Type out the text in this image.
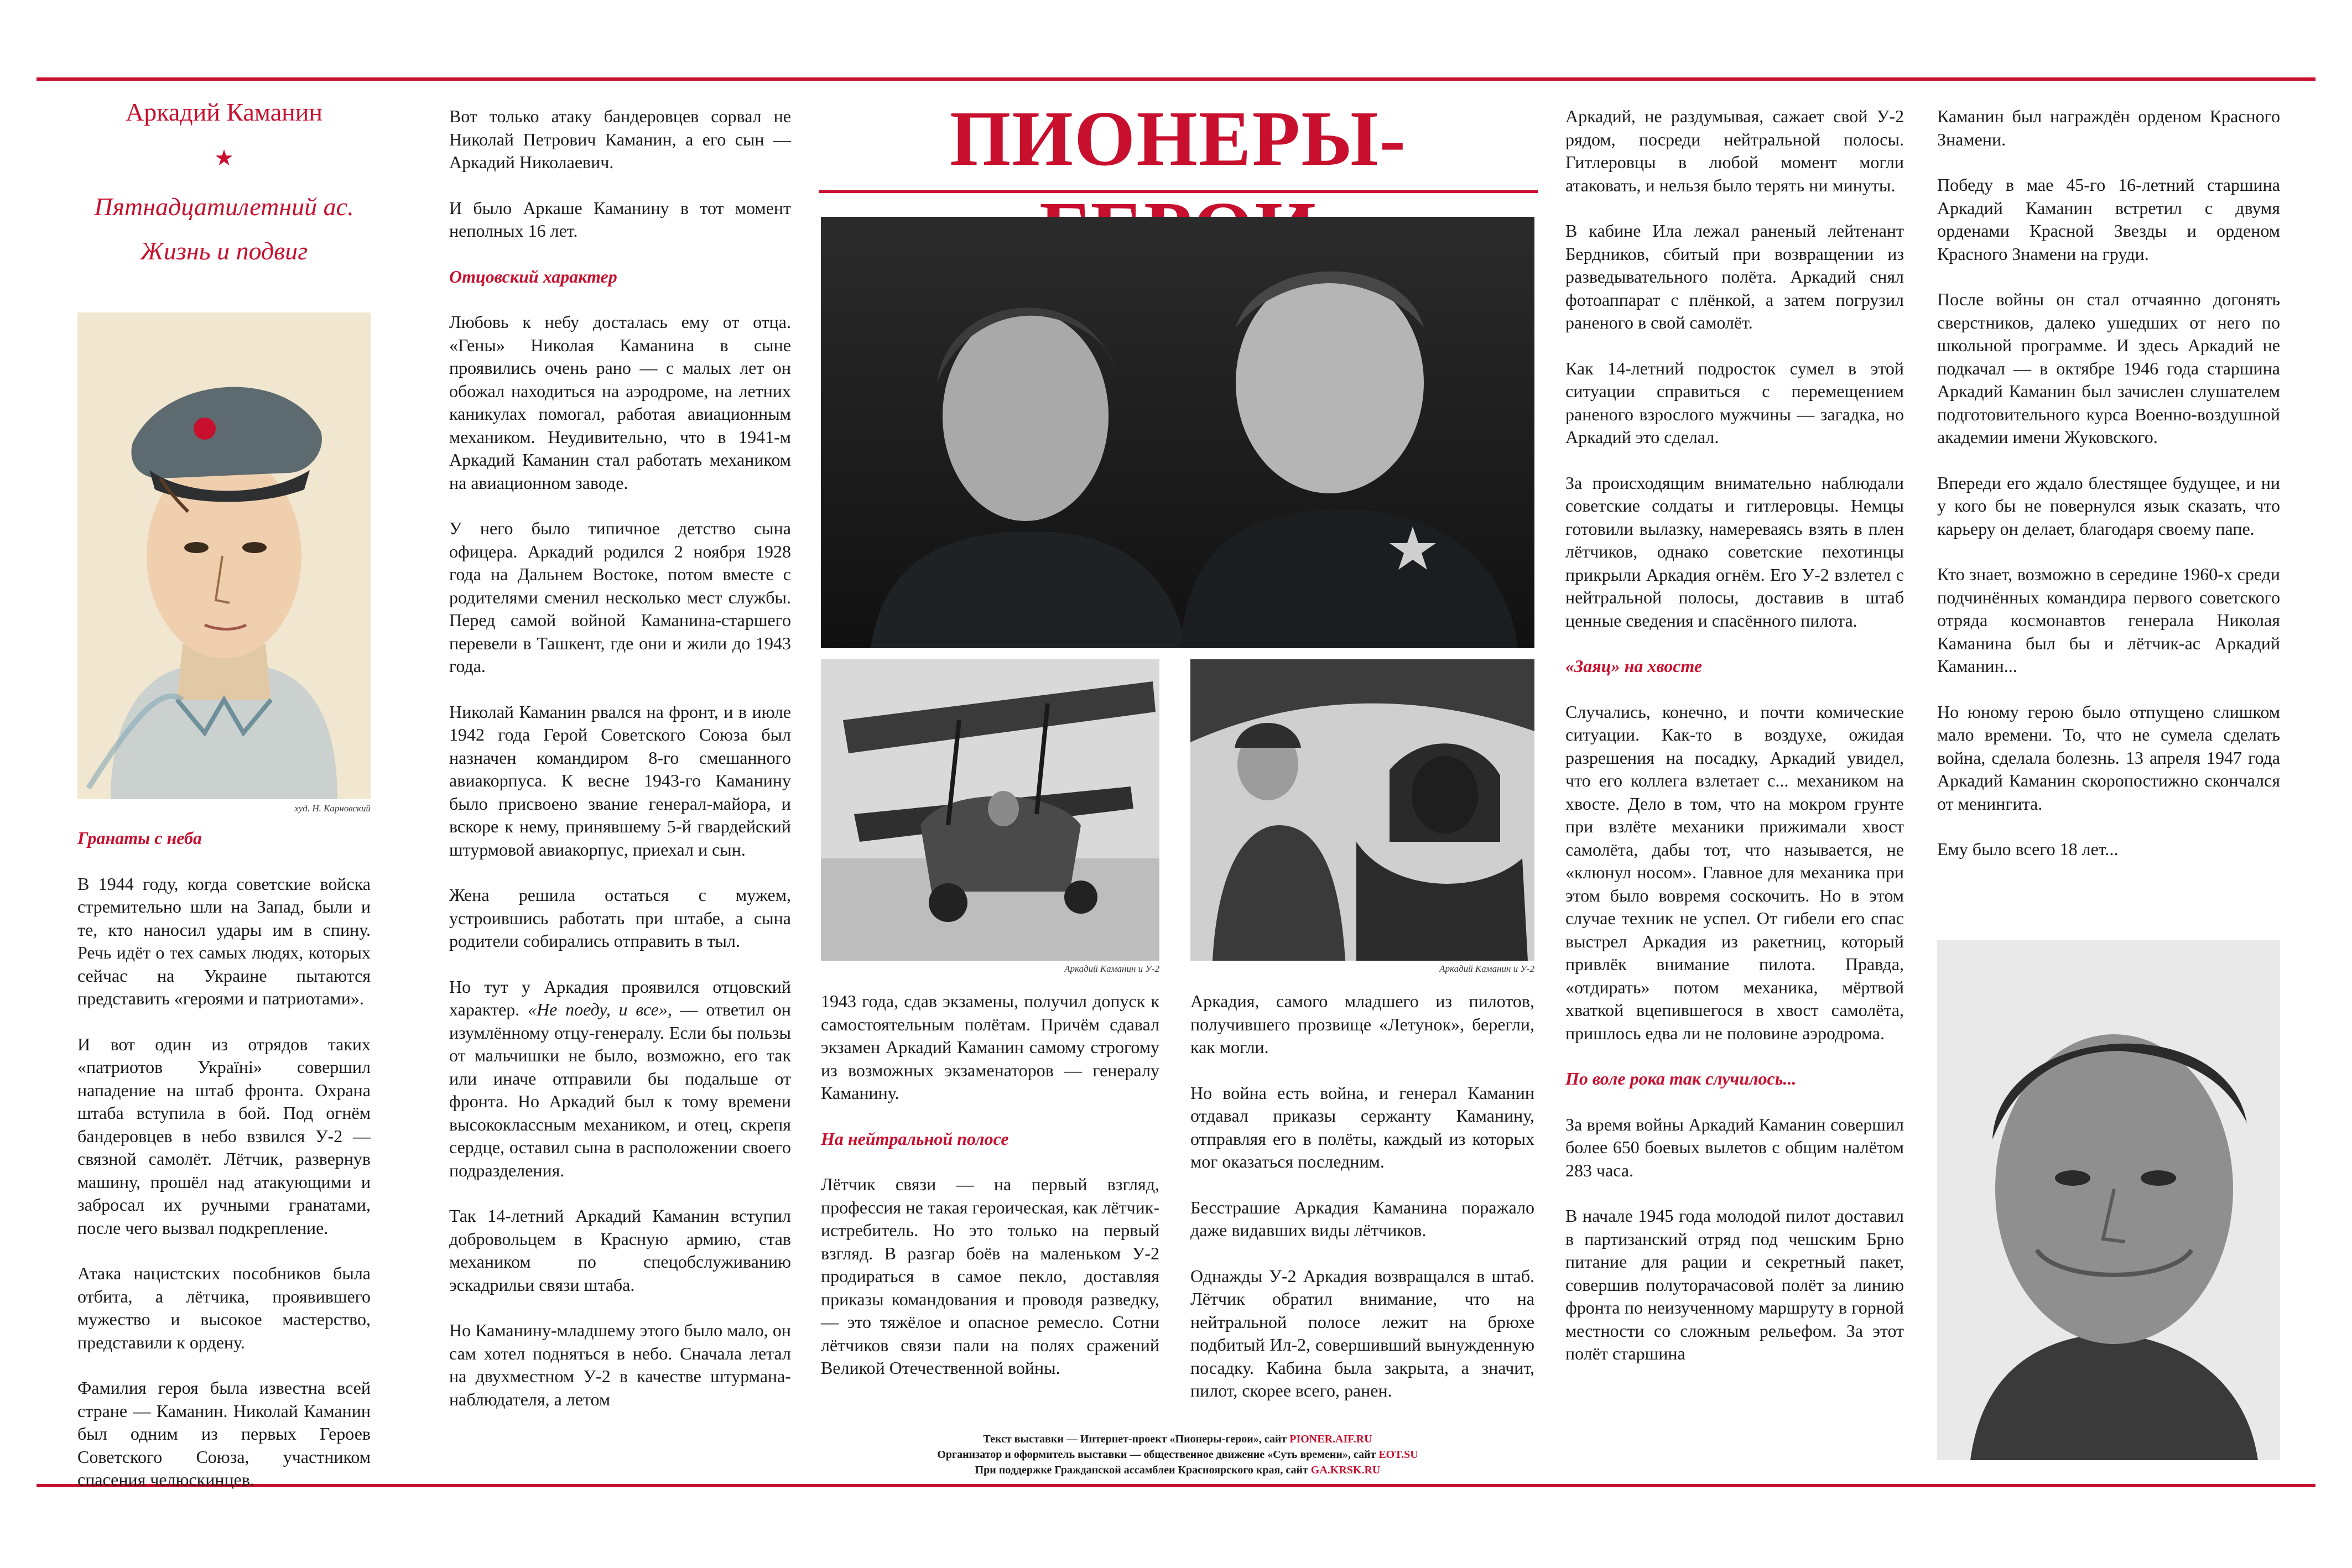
Аркадий Каманин
★
Пятнадцатилетний ас.
Жизнь и подвиг
худ. Н. Карновский
Гранаты с неба

В 1944 году, когда советские войска стремительно шли на Запад, были и те, кто наносил удары им в спину. Речь идёт о тех самых людях, которых сейчас на Украине пытаются представить «героями и патриотами».

И вот один из отрядов таких «патриотов Україні» совершил нападение на штаб фронта. Охрана штаба вступила в бой. Под огнём бандеровцев в небо взвился У-2 — связной самолёт. Лётчик, развернув машину, прошёл над атакующими и забросал их ручными гранатами, после чего вызвал подкрепление.

Атака нацистских пособников была отбита, а лётчика, проявившего мужество и высокое мастерство, представили к ордену.

Фамилия героя была известна всей стране — Каманин. Николай Каманин был одним из первых Героев Советского Союза, участником спасения челюскинцев.

Вот только атаку бандеровцев сорвал не Николай Петрович Каманин, а его сын — Аркадий Николаевич.

И было Аркаше Каманину в тот момент неполных 16 лет.

Отцовский характер

Любовь к небу досталась ему от отца. «Гены» Николая Каманина в сыне проявились очень рано — с малых лет он обожал находиться на аэродроме, на летних каникулах помогал, работая авиационным механиком. Неудивительно, что в 1941-м Аркадий Каманин стал работать механиком на авиационном заводе.

У него было типичное детство сына офицера. Аркадий родился 2 ноября 1928 года на Дальнем Востоке, потом вместе с родителями сменил несколько мест службы. Перед самой войной Каманина-старшего перевели в Ташкент, где они и жили до 1943 года.

Николай Каманин рвался на фронт, и в июле 1942 года Герой Советского Союза был назначен командиром 8-го смешанного авиакорпуса. К весне 1943-го Каманину было присвоено звание генерал-майора, и вскоре к нему, принявшему 5-й гвардейский штурмовой авиакорпус, приехал и сын.

Жена решила остаться с мужем, устроившись работать при штабе, а сына родители собирались отправить в тыл.

Но тут у Аркадия проявился отцовский характер. «Не поеду, и все», — ответил он изумлённому отцу-генералу. Если бы пользы от мальчишки не было, возможно, его так или иначе отправили бы подальше от фронта. Но Аркадий был к тому времени высококлассным механиком, и отец, скрепя сердце, оставил сына в расположении своего подразделения.

Так 14-летний Аркадий Каманин вступил добровольцем в Красную армию, став механиком по спецобслуживанию эскадрильи связи штаба.

Но Каманину-младшему этого было мало, он сам хотел подняться в небо. Сначала летал на двухместном У-2 в качестве штурмана-наблюдателя, а летом

ПИОНЕРЫ-
Аркадий Каманин и У-2	Аркадий Каманин и У-2

1943 года, сдав экзамены, получил допуск к самостоятельным полётам. Причём сдавал экзамен Аркадий Каманин самому строгому из возможных экзаменаторов — генералу Каманину.

На нейтральной полосе

Лётчик связи — на первый взгляд, профессия не такая героическая, как лётчик-истребитель. Но это только на первый взгляд. В разгар боёв на маленьком У-2 продираться в самое пекло, доставляя приказы командования и проводя разведку, — это тяжёлое и опасное ремесло. Сотни лётчиков связи пали на полях сражений Великой Отечественной войны.

Аркадия, самого младшего из пилотов, получившего прозвище «Летунок», берегли, как могли.

Но война есть война, и генерал Каманин отдавал приказы сержанту Каманину, отправляя его в полёты, каждый из которых мог оказаться последним.

Бесстрашие Аркадия Каманина поражало даже видавших виды лётчиков.

Однажды У-2 Аркадия возвращался в штаб. Лётчик обратил внимание, что на нейтральной полосе лежит на брюхе подбитый Ил-2, совершивший вынужденную посадку. Кабина была закрыта, а значит, пилот, скорее всего, ранен.

Текст выставки — Интернет-проект «Пионеры-герои», сайт PIONER.AIF.RU
Организатор и оформитель выставки — общественное движение «Суть времени», сайт EOT.SU
При поддержке Гражданской ассамблеи Красноярского края, сайт GA.KRSK.RU

Аркадий, не раздумывая, сажает свой У-2 рядом, посреди нейтральной полосы. Гитлеровцы в любой момент могли атаковать, и нельзя было терять ни минуты.

В кабине Ила лежал раненый лейтенант Бердников, сбитый при возвращении из разведывательного полёта. Аркадий снял фотоаппарат с плёнкой, а затем погрузил раненого в свой самолёт.

Как 14-летний подросток сумел в этой ситуации справиться с перемещением раненого взрослого мужчины — загадка, но Аркадий это сделал.

За происходящим внимательно наблюдали советские солдаты и гитлеровцы. Немцы готовили вылазку, намереваясь взять в плен лётчиков, однако советские пехотинцы прикрыли Аркадия огнём. Его У-2 взлетел с нейтральной полосы, доставив в штаб ценные сведения и спасённого пилота.

«Заяц» на хвосте

Случались, конечно, и почти комические ситуации. Как-то в воздухе, ожидая разрешения на посадку, Аркадий увидел, что его коллега взлетает с... механиком на хвосте. Дело в том, что на мокром грунте при взлёте механики прижимали хвост самолёта, дабы тот, что называется, не «клюнул носом». Главное для механика при этом было вовремя соскочить. Но в этом случае техник не успел. От гибели его спас выстрел Аркадия из ракетниц, который привлёк внимание пилота. Правда, «отдирать» потом механика, мёртвой хваткой вцепившегося в хвост самолёта, пришлось едва ли не половине аэродрома.

По воле рока так случилось...

За время войны Аркадий Каманин совершил более 650 боевых вылетов с общим налётом 283 часа.

В начале 1945 года молодой пилот доставил в партизанский отряд под чешским Брно питание для рации и секретный пакет, совершив полуторачасовой полёт за линию фронта по неизученному маршруту в горной местности со сложным рельефом. За этот полёт старшина

Каманин был награждён орденом Красного Знамени.

Победу в мае 45-го 16-летний старшина Аркадий Каманин встретил с двумя орденами Красной Звезды и орденом Красного Знамени на груди.

После войны он стал отчаянно догонять сверстников, далеко ушедших от него по школьной программе. И здесь Аркадий не подкачал — в октябре 1946 года старшина Аркадий Каманин был зачислен слушателем подготовительного курса Военно-воздушной академии имени Жуковского.

Впереди его ждало блестящее будущее, и ни у кого бы не повернулся язык сказать, что карьеру он делает, благодаря своему папе.

Кто знает, возможно в середине 1960-х среди подчинённых командира первого советского отряда космонавтов генерала Николая Каманина был бы и лётчик-ас Аркадий Каманин...

Но юному герою было отпущено слишком мало времени. То, что не сумела сделать война, сделала болезнь. 13 апреля 1947 года Аркадий Каманин скоропостижно скончался от менингита.

Ему было всего 18 лет...
